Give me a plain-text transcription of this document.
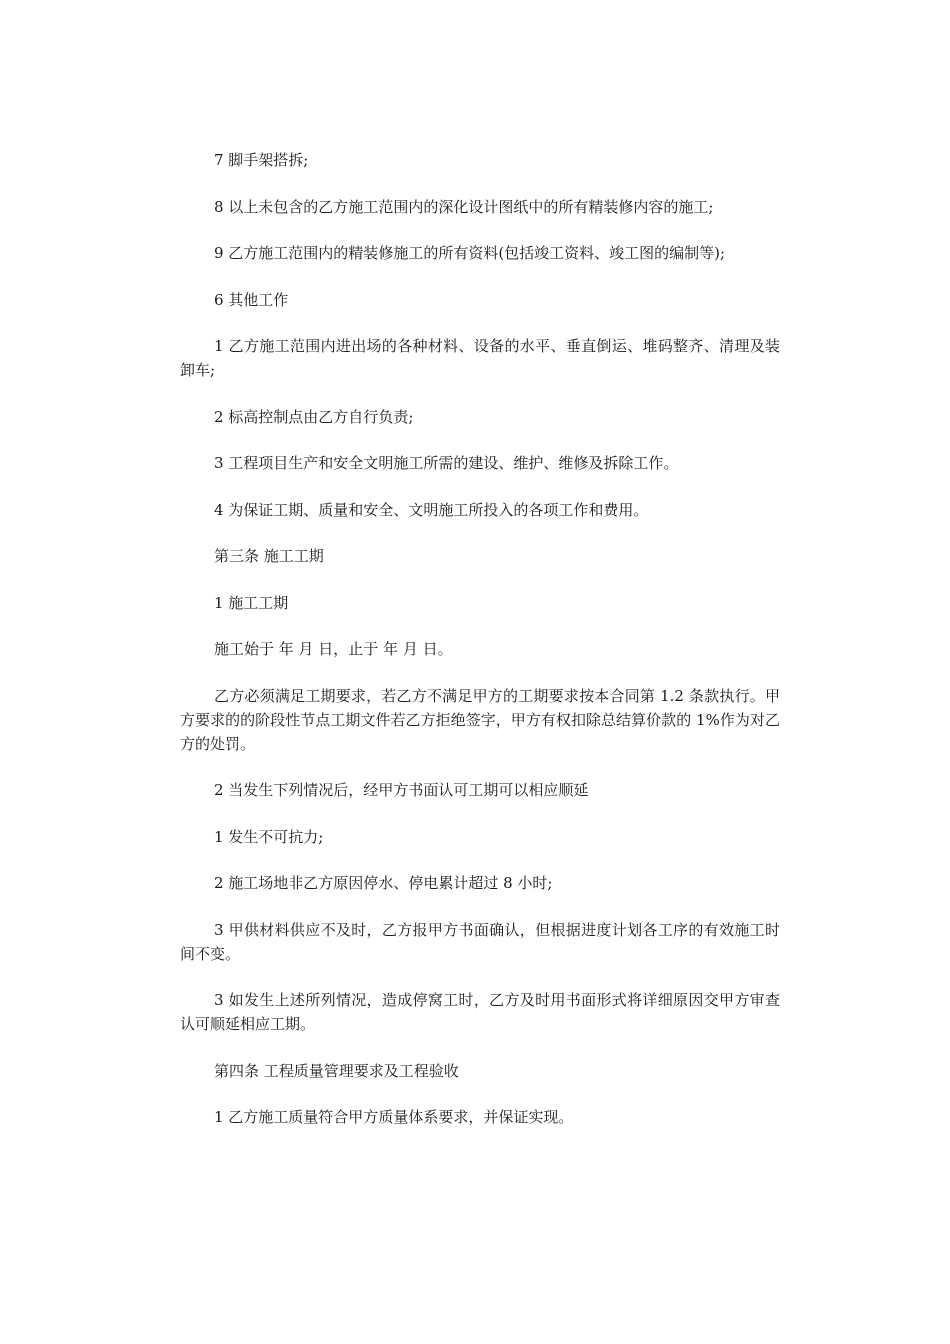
7 脚手架搭拆;

8 以上未包含的乙方施工范围内的深化设计图纸中的所有精装修内容的施工;

9 乙方施工范围内的精装修施工的所有资料(包括竣工资料、竣工图的编制等);

6 其他工作

1 乙方施工范围内进出场的各种材料、设备的水平、垂直倒运、堆码整齐、清理及装卸车;

2 标高控制点由乙方自行负责;

3 工程项目生产和安全文明施工所需的建设、维护、维修及拆除工作。

4 为保证工期、质量和安全、文明施工所投入的各项工作和费用。

第三条 施工工期

1 施工工期

施工始于 年 月 日，止于 年 月 日。

乙方必须满足工期要求，若乙方不满足甲方的工期要求按本合同第 1.2 条款执行。甲方要求的的阶段性节点工期文件若乙方拒绝签字，甲方有权扣除总结算价款的 1%作为对乙方的处罚。

2 当发生下列情况后，经甲方书面认可工期可以相应顺延

1 发生不可抗力;

2 施工场地非乙方原因停水、停电累计超过 8 小时;

3 甲供材料供应不及时，乙方报甲方书面确认，但根据进度计划各工序的有效施工时间不变。

3 如发生上述所列情况，造成停窝工时，乙方及时用书面形式将详细原因交甲方审查认可顺延相应工期。

第四条 工程质量管理要求及工程验收

1 乙方施工质量符合甲方质量体系要求，并保证实现。
